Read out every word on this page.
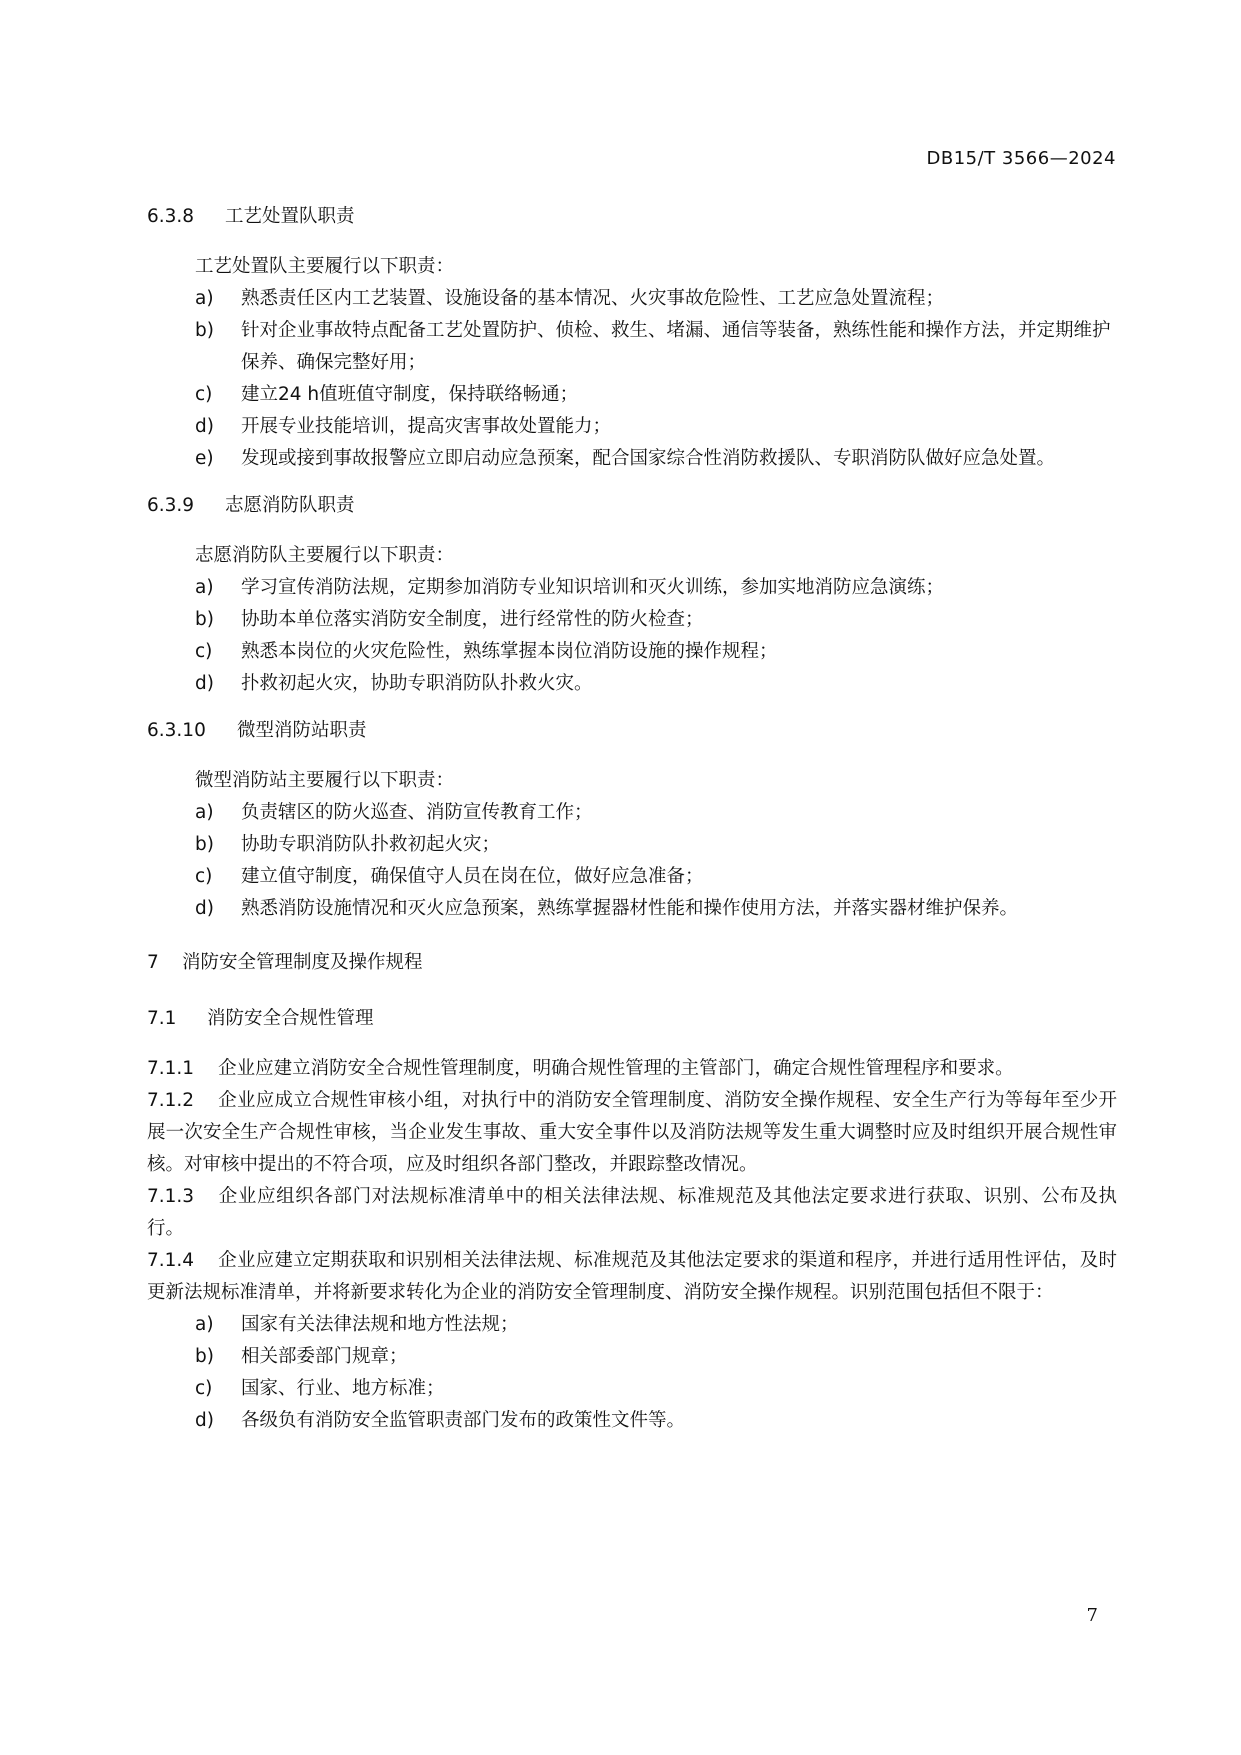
DB15/T 3566—2024
6.3.8 工艺处置队职责
工艺处置队主要履行以下职责：
a) 熟悉责任区内工艺装置、设施设备的基本情况、火灾事故危险性、工艺应急处置流程；
b) 针对企业事故特点配备工艺处置防护、侦检、救生、堵漏、通信等装备，熟练性能和操作方法，并定期维护保养、确保完整好用；
c) 建立24 h值班值守制度，保持联络畅通；
d) 开展专业技能培训，提高灾害事故处置能力；
e) 发现或接到事故报警应立即启动应急预案，配合国家综合性消防救援队、专职消防队做好应急处置。
6.3.9 志愿消防队职责
志愿消防队主要履行以下职责：
a) 学习宣传消防法规，定期参加消防专业知识培训和灭火训练，参加实地消防应急演练；
b) 协助本单位落实消防安全制度，进行经常性的防火检查；
c) 熟悉本岗位的火灾危险性，熟练掌握本岗位消防设施的操作规程；
d) 扑救初起火灾，协助专职消防队扑救火灾。
6.3.10 微型消防站职责
微型消防站主要履行以下职责：
a) 负责辖区的防火巡查、消防宣传教育工作；
b) 协助专职消防队扑救初起火灾；
c) 建立值守制度，确保值守人员在岗在位，做好应急准备；
d) 熟悉消防设施情况和灭火应急预案，熟练掌握器材性能和操作使用方法，并落实器材维护保养。
7 消防安全管理制度及操作规程
7.1 消防安全合规性管理
7.1.1 企业应建立消防安全合规性管理制度，明确合规性管理的主管部门，确定合规性管理程序和要求。
7.1.2 企业应成立合规性审核小组，对执行中的消防安全管理制度、消防安全操作规程、安全生产行为等每年至少开展一次安全生产合规性审核，当企业发生事故、重大安全事件以及消防法规等发生重大调整时应及时组织开展合规性审核。对审核中提出的不符合项，应及时组织各部门整改，并跟踪整改情况。
7.1.3 企业应组织各部门对法规标准清单中的相关法律法规、标准规范及其他法定要求进行获取、识别、公布及执行。
7.1.4 企业应建立定期获取和识别相关法律法规、标准规范及其他法定要求的渠道和程序，并进行适用性评估，及时更新法规标准清单，并将新要求转化为企业的消防安全管理制度、消防安全操作规程。识别范围包括但不限于：
a) 国家有关法律法规和地方性法规；
b) 相关部委部门规章；
c) 国家、行业、地方标准；
d) 各级负有消防安全监管职责部门发布的政策性文件等。
7
